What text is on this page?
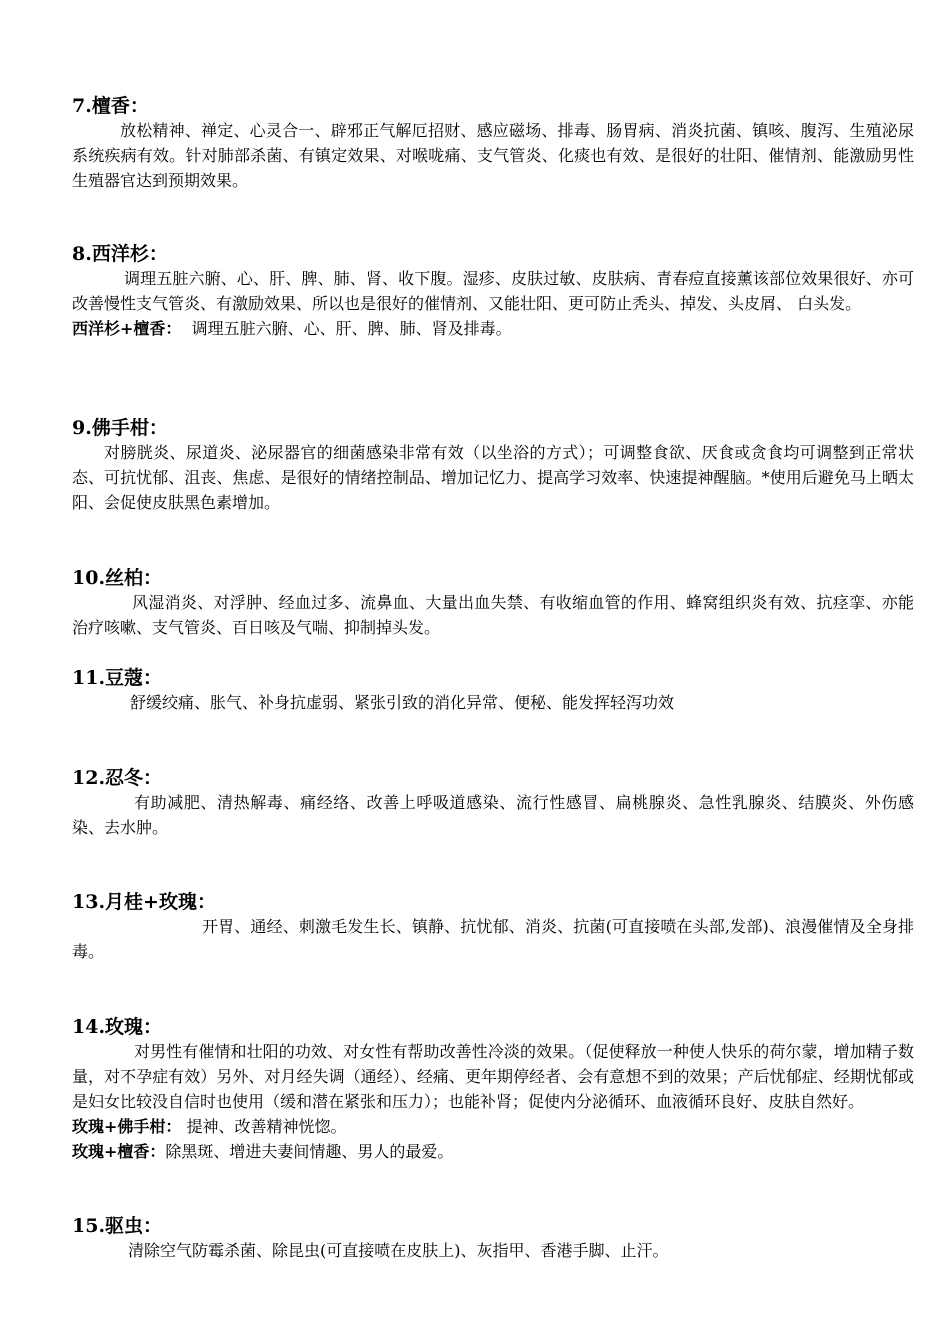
7.檀香：

放松精神、禅定、心灵合一、辟邪正气解厄招财、感应磁场、排毒、肠胃病、消炎抗菌、镇咳、腹泻、生殖泌尿系统疾病有效。针对肺部杀菌、有镇定效果、对喉咙痛、支气管炎、化痰也有效、是很好的壮阳、催情剂、能激励男性生殖器官达到预期效果。

8.西洋杉：

调理五脏六腑、心、肝、脾、肺、肾、收下腹。湿疹、皮肤过敏、皮肤病、青春痘直接薰该部位效果很好、亦可改善慢性支气管炎、有激励效果、所以也是很好的催情剂、又能壮阳、更可防止秃头、掉发、头皮屑、 白头发。

西洋杉+檀香： 调理五脏六腑、心、肝、脾、肺、肾及排毒。

9.佛手柑：

对膀胱炎、尿道炎、泌尿器官的细菌感染非常有效（以坐浴的方式）；可调整食欲、厌食或贪食均可调整到正常状态、可抗忧郁、沮丧、焦虑、是很好的情绪控制品、增加记忆力、提高学习效率、快速提神醒脑。*使用后避免马上晒太阳、会促使皮肤黑色素增加。

10.丝柏：

风湿消炎、对浮肿、经血过多、流鼻血、大量出血失禁、有收缩血管的作用、蜂窝组织炎有效、抗痉挛、亦能治疗咳嗽、支气管炎、百日咳及气喘、抑制掉头发。

11.豆蔻：

舒缓绞痛、胀气、补身抗虚弱、紧张引致的消化异常、便秘、能发挥轻泻功效

12.忍冬：

有助减肥、清热解毒、痛经络、改善上呼吸道感染、流行性感冒、扁桃腺炎、急性乳腺炎、结膜炎、外伤感染、去水肿。

13.月桂+玫瑰：

开胃、通经、刺激毛发生长、镇静、抗忧郁、消炎、抗菌(可直接喷在头部,发部)、浪漫催情及全身排毒。

14.玫瑰：

对男性有催情和壮阳的功效、对女性有帮助改善性冷淡的效果。（促使释放一种使人快乐的荷尔蒙，增加精子数量，对不孕症有效）另外、对月经失调（通经）、经痛、更年期停经者、会有意想不到的效果；产后忧郁症、经期忧郁或是妇女比较没自信时也使用（缓和潜在紧张和压力）；也能补肾；促使内分泌循环、血液循环良好、皮肤自然好。

玫瑰+佛手柑： 提神、改善精神恍惚。

玫瑰+檀香：除黑斑、增进夫妻间情趣、男人的最爱。

15.驱虫：

清除空气防霉杀菌、除昆虫(可直接喷在皮肤上)、灰指甲、香港手脚、止汗。
